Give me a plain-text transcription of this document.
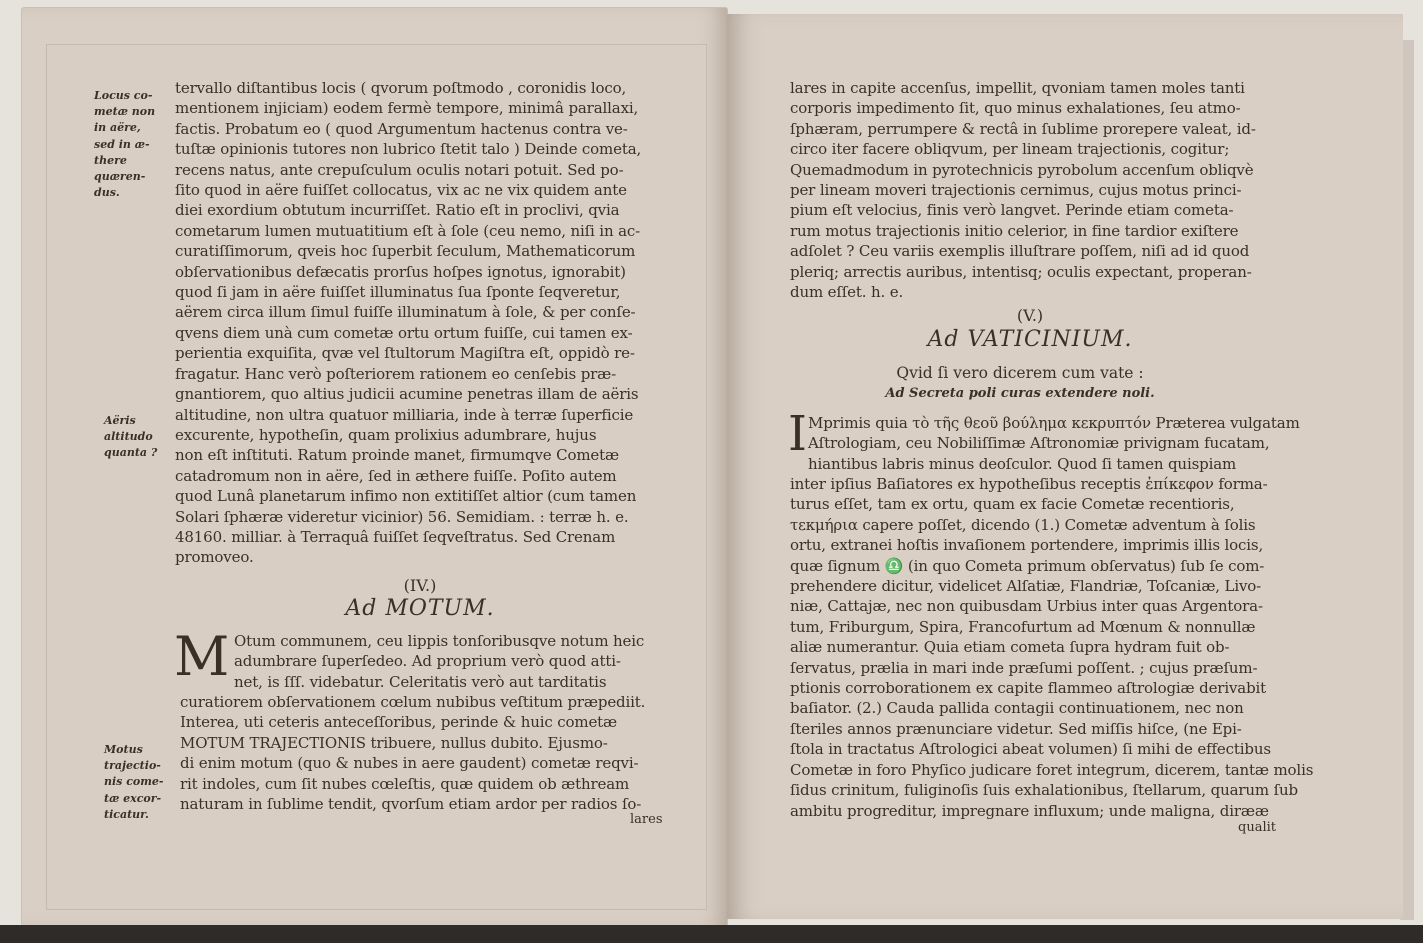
Locus co-
metæ non
in aëre,
sed in æ-
there
quæren-
dus.
Aëris
altitudo
quanta ?
Motus
trajectio-
nis come-
tæ excor-
ticatur.
tervallo diſtantibus locis ( qvorum poſtmodo , coronidis loco,
mentionem injiciam) eodem fermè tempore, minimâ parallaxi,
factis. Probatum eo ( quod Argumentum hactenus contra ve-
tuſtæ opinionis tutores non lubrico ſtetit talo ) Deinde cometa,
recens natus, ante crepuſculum oculis notari potuit. Sed po-
ſito quod in aëre fuiſſet collocatus, vix ac ne vix quidem ante
diei exordium obtutum incurriſſet. Ratio eſt in proclivi, qvia
cometarum lumen mutuatitium eſt à ſole (ceu nemo, niſi in ac-
curatiſſimorum, qveis hoc ſuperbit ſeculum, Mathematicorum
obſervationibus defæcatis prorſus hoſpes ignotus, ignorabit)
quod ſi jam in aëre fuiſſet illuminatus ſua ſponte ſeqveretur,
aërem circa illum ſimul fuiſſe illuminatum à ſole, & per conſe-
qvens diem unà cum cometæ ortu ortum fuiſſe, cui tamen ex-
perientia exquiſita, qvæ vel ſtultorum Magiſtra eſt, oppidò re-
fragatur. Hanc verò poſteriorem rationem eo cenſebis præ-
gnantiorem, quo altius judicii acumine penetras illam de aëris
altitudine, non ultra quatuor milliaria, inde à terræ ſuperficie
excurente, hypotheſin, quam prolixius adumbrare, hujus
non eſt inſtituti. Ratum proinde manet, firmumqve Cometæ
catadromum non in aëre, ſed in æthere fuiſſe. Poſito autem
quod Lunâ planetarum infimo non extitiſſet altior (cum tamen
Solari ſphæræ videretur vicinior) 56. Semidiam. : terræ h. e.
48160. milliar. à Terraquâ fuiſſet ſeqveſtratus. Sed Crenam
promoveo.
(IV.)
Ad MOTUM.
M Otum communem, ceu lippis tonſoribusqve notum heic
adumbrare ſuperſedeo. Ad proprium verò quod atti-
net, is ſſſ. videbatur. Celeritatis verò aut tarditatis
curatiorem obſervationem cœlum nubibus veſtitum præpediit.
Interea, uti ceteris anteceſſoribus, perinde & huic cometæ
MOTUM TRAJECTIONIS tribuere, nullus dubito. Ejusmo-
di enim motum (quo & nubes in aere gaudent) cometæ reqvi-
rit indoles, cum ſit nubes cœleſtis, quæ quidem ob æthream
naturam in ſublime tendit, qvorſum etiam ardor per radios ſo-
lares
lares in capite accenſus, impellit, qvoniam tamen moles tanti
corporis impedimento ſit, quo minus exhalationes, ſeu atmo-
ſphæram, perrumpere & rectâ in ſublime prorepere valeat, id-
circo iter facere obliqvum, per lineam trajectionis, cogitur;
Quemadmodum in pyrotechnicis pyrobolum accenſum obliqvè
per lineam moveri trajectionis cernimus, cujus motus princi-
pium eſt velocius, finis verò langvet. Perinde etiam cometa-
rum motus trajectionis initio celerior, in fine tardior exiſtere
adſolet ? Ceu variis exemplis illuſtrare poſſem, niſi ad id quod
pleriq; arrectis auribus, intentisq; oculis expectant, properan-
dum eſſet. h. e.
(V.)
Ad VATICINIUM.
Qvid ſi vero dicerem cum vate :
Ad Secreta poli curas extendere noli.
I Mprimis quia τὸ τῆς θεοῦ βούλημα κεκρυπτόν Præterea vulgatam
Aſtrologiam, ceu Nobiliſſimæ Aſtronomiæ privignam fucatam,
hiantibus labris minus deoſculor. Quod ſi tamen quispiam
inter ipſius Baſiatores ex hypotheſibus receptis ἐπίκεφον forma-
turus eſſet, tam ex ortu, quam ex facie Cometæ recentioris,
τεκμήρια capere poſſet, dicendo (1.) Cometæ adventum à ſolis
ortu, extranei hoſtis invaſionem portendere, imprimis illis locis,
quæ ſignum ♎ (in quo Cometa primum obſervatus) ſub ſe com-
prehendere dicitur, videlicet Alſatiæ, Flandriæ, Toſcaniæ, Livo-
niæ, Cattajæ, nec non quibusdam Urbius inter quas Argentora-
tum, Friburgum, Spira, Francofurtum ad Mœnum & nonnullæ
aliæ numerantur. Quia etiam cometa ſupra hydram fuit ob-
ſervatus, prælia in mari inde præſumi poſſent. ; cujus præſum-
ptionis corroborationem ex capite flammeo aſtrologiæ derivabit
baſiator. (2.) Cauda pallida contagii continuationem, nec non
ſteriles annos prænunciare videtur. Sed miſſis hiſce, (ne Epi-
ſtola in tractatus Aſtrologici abeat volumen) ſi mihi de effectibus
Cometæ in foro Phyſico judicare foret integrum, dicerem, tantæ molis
ſidus crinitum, fuliginoſis ſuis exhalationibus, ſtellarum, quarum ſub
ambitu progreditur, impregnare influxum; unde maligna, dirææ
qualit
